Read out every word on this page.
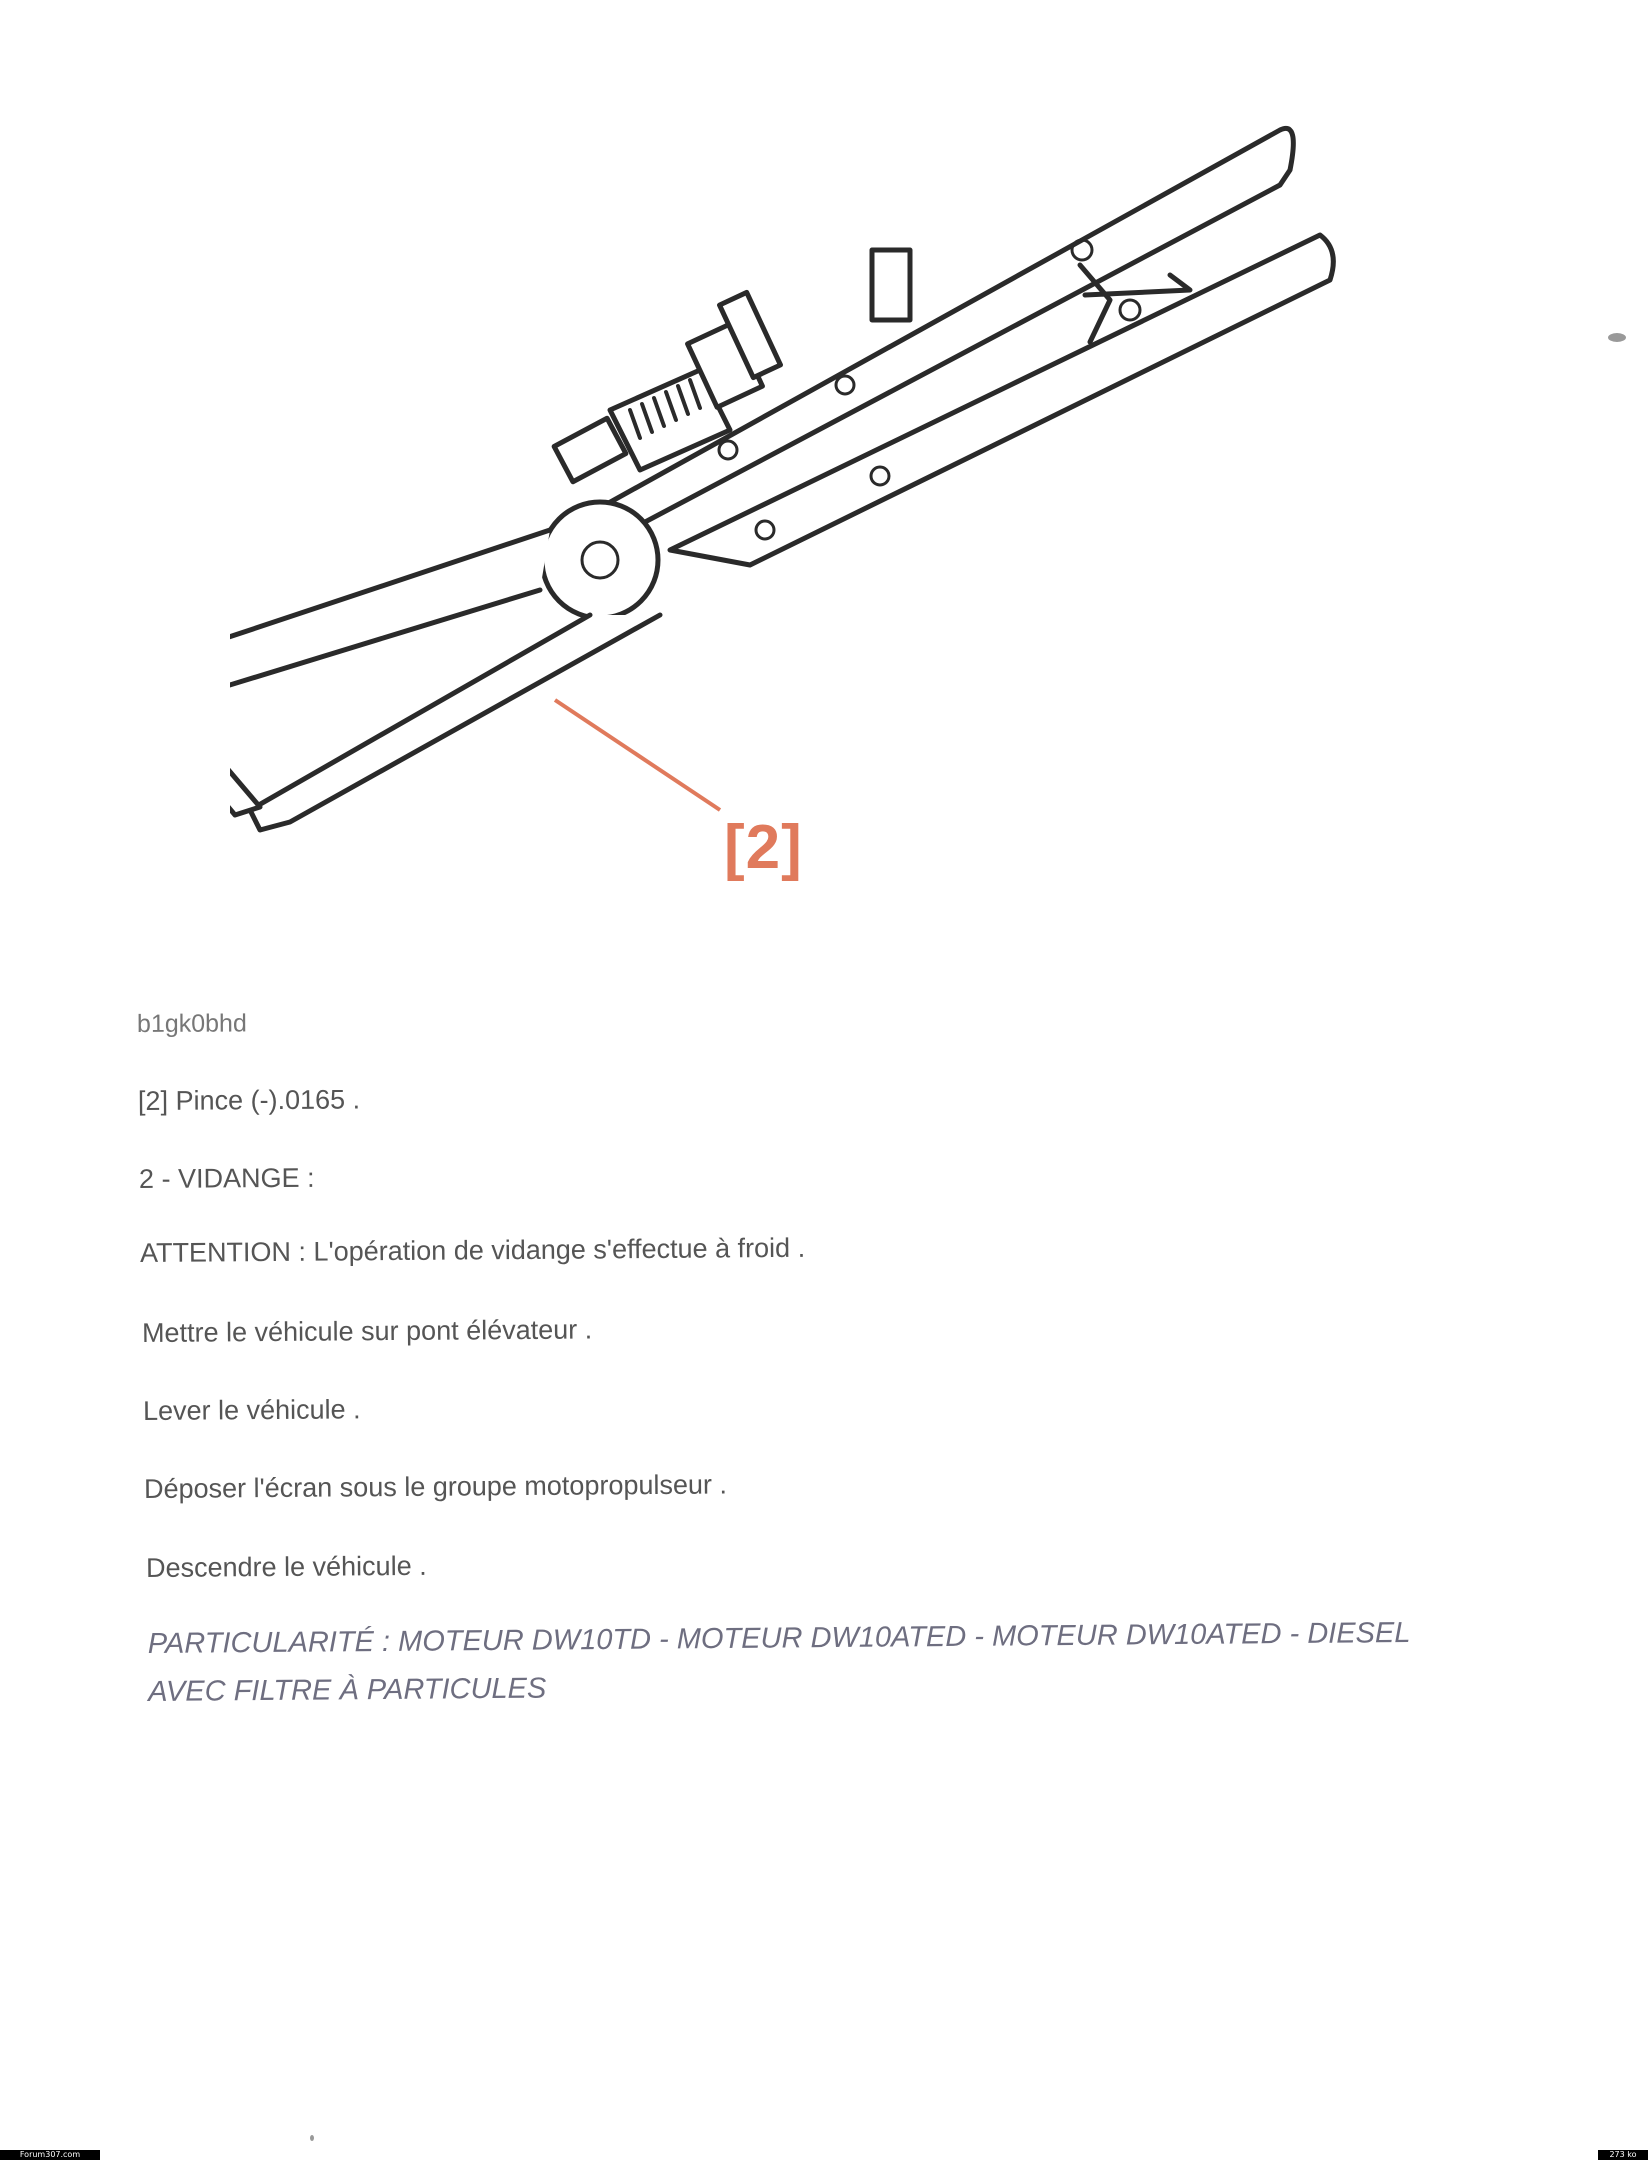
[2]
b1gk0bhd
[2] Pince (-).0165 .
2 - VIDANGE :
ATTENTION : L'opération de vidange s'effectue à froid .
Mettre le véhicule sur pont élévateur .
Lever le véhicule .
Déposer l'écran sous le groupe motopropulseur .
Descendre le véhicule .
PARTICULARITÉ : MOTEUR DW10TD - MOTEUR DW10ATED - MOTEUR DW10ATED - DIESEL AVEC FILTRE À PARTICULES
Forum307.com	273 ko
